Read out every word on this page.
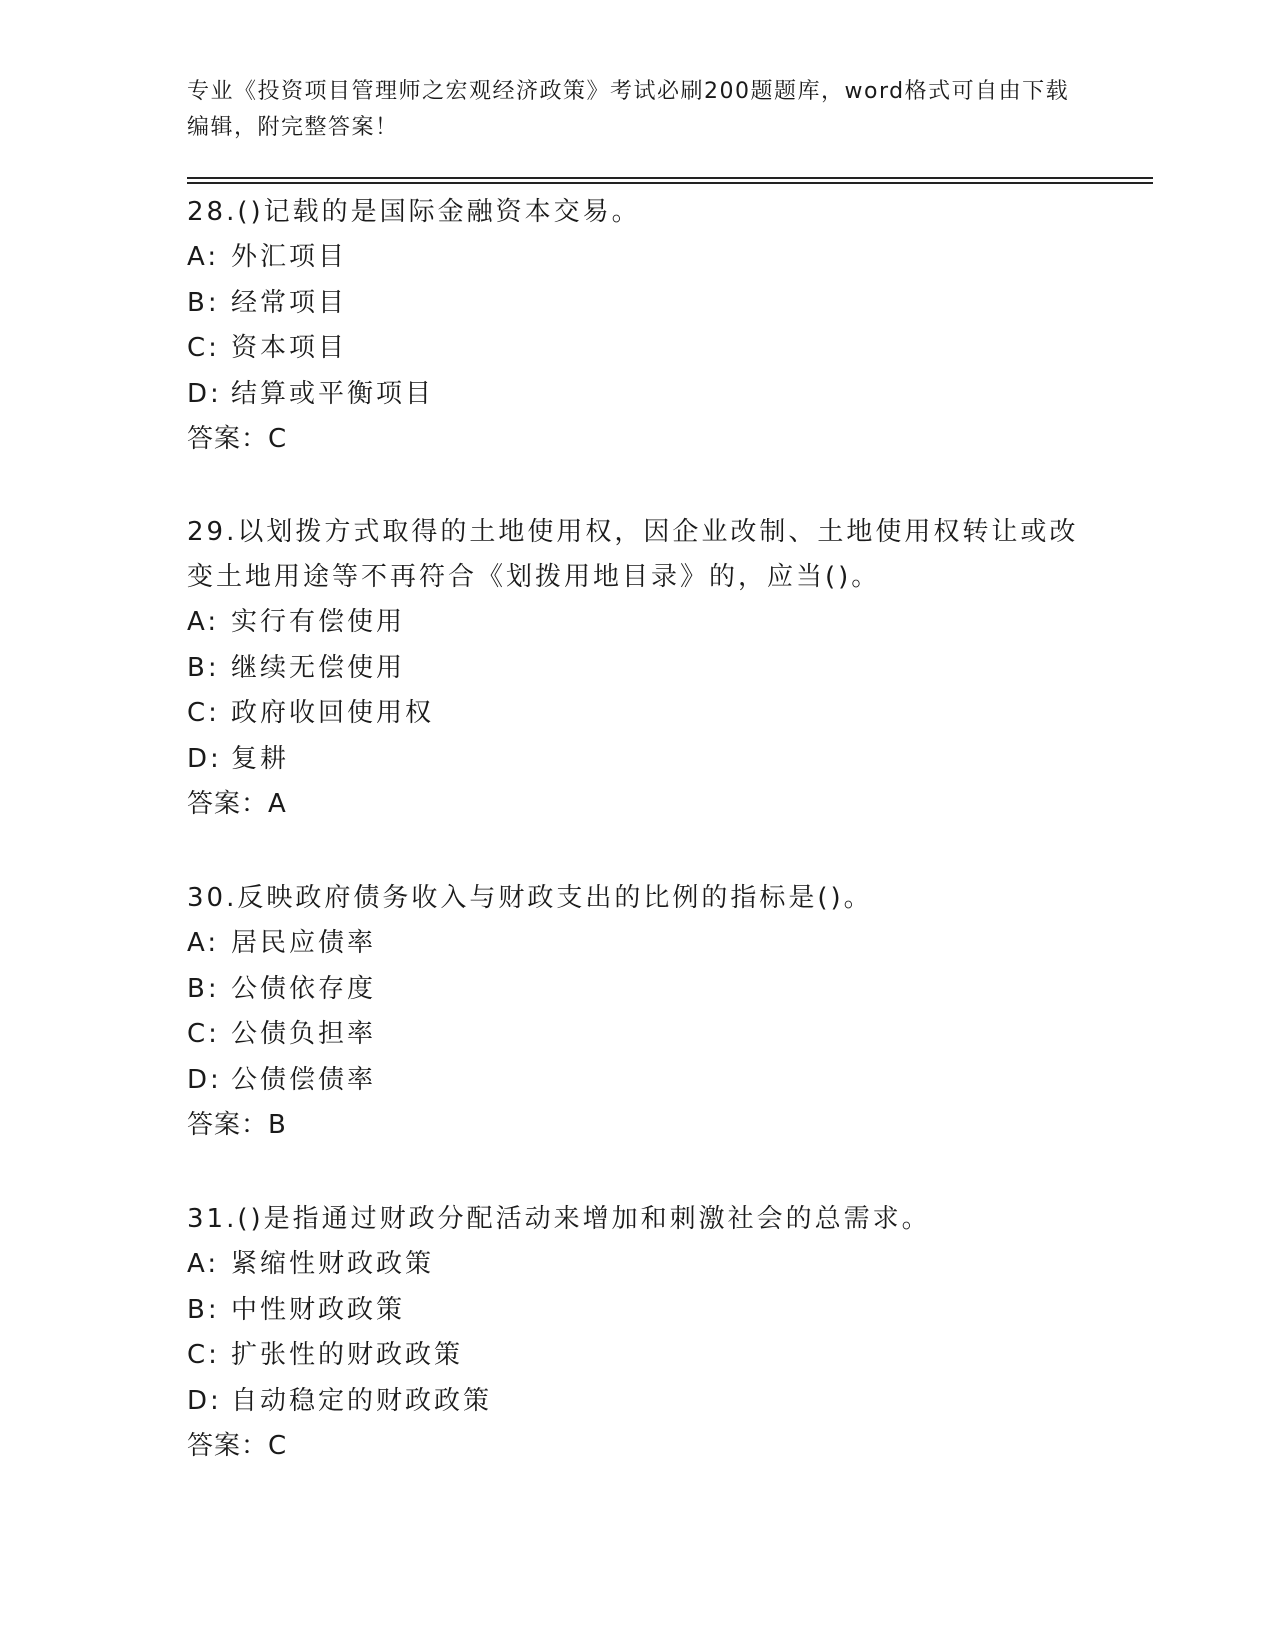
专业《投资项目管理师之宏观经济政策》考试必刷200题题库，word格式可自由下载编辑，附完整答案！

28.()记载的是国际金融资本交易。

A: 外汇项目

B: 经常项目

C: 资本项目

D: 结算或平衡项目

答案：C

29.以划拨方式取得的土地使用权，因企业改制、土地使用权转让或改变土地用途等不再符合《划拨用地目录》的，应当()。

A: 实行有偿使用

B: 继续无偿使用

C: 政府收回使用权

D: 复耕

答案：A

30.反映政府债务收入与财政支出的比例的指标是()。

A: 居民应债率

B: 公债依存度

C: 公债负担率

D: 公债偿债率

答案：B

31.()是指通过财政分配活动来增加和刺激社会的总需求。

A: 紧缩性财政政策

B: 中性财政政策

C: 扩张性的财政政策

D: 自动稳定的财政政策

答案：C
